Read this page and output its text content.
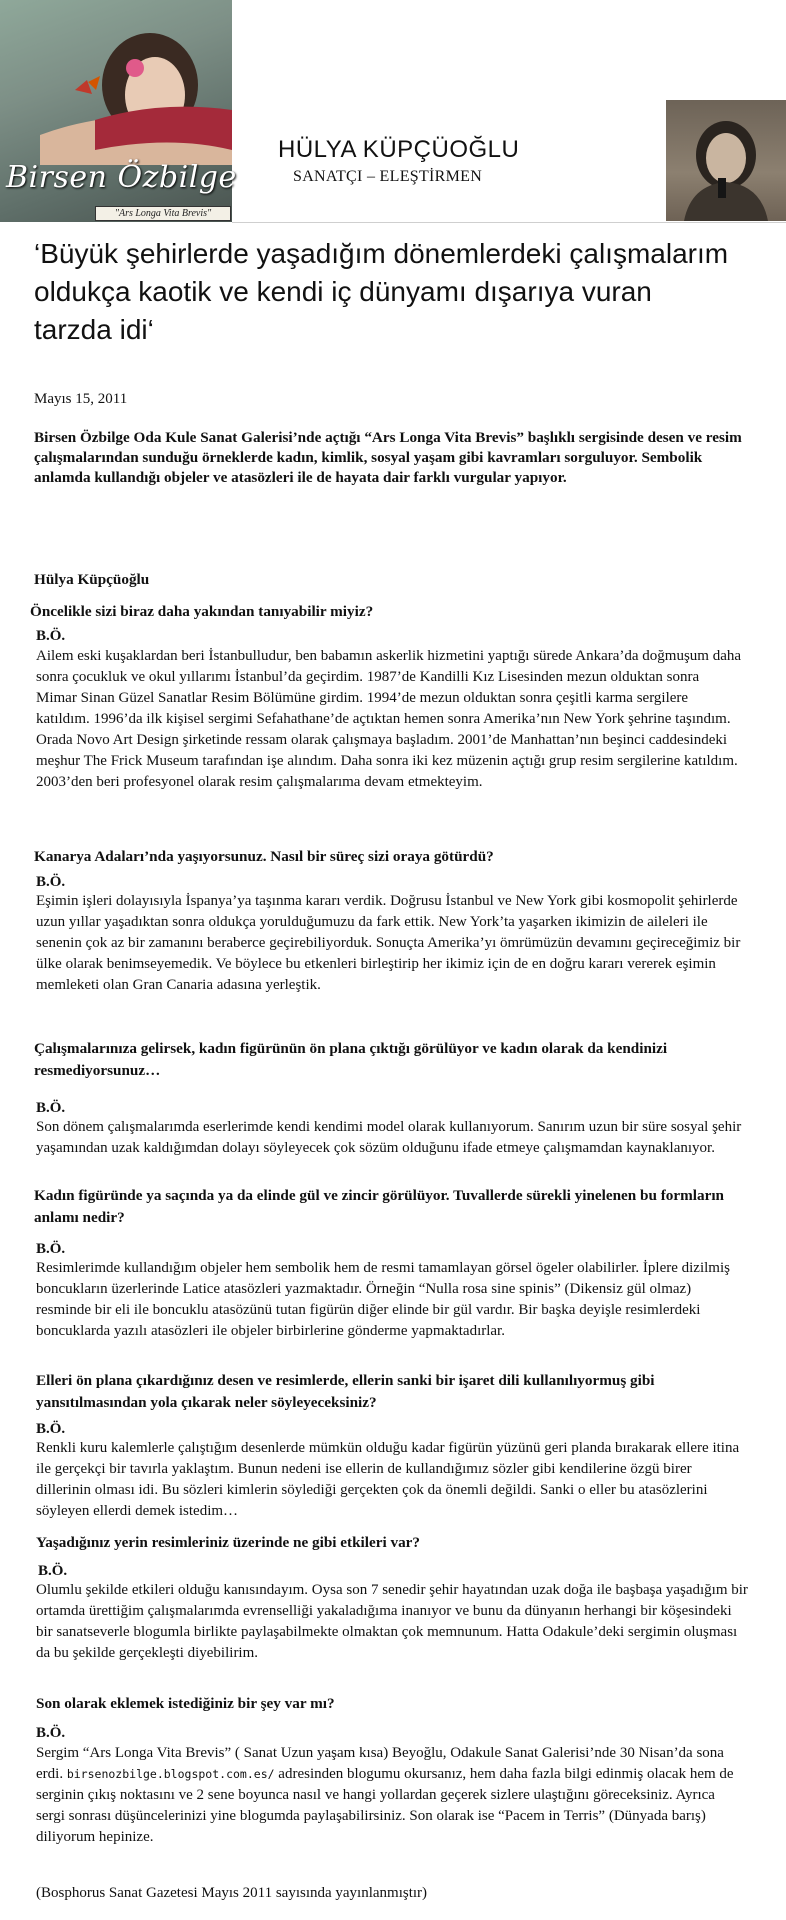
Birsen Özbilge
"Ars Longa Vita Brevis"
HÜLYA KÜPÇÜOĞLU
SANATÇI – ELEŞTİRMEN
‘Büyük şehirlerde yaşadığım dönemlerdeki çalışmalarım oldukça kaotik ve kendi iç dünyamı dışarıya vuran tarzda idi‘
Mayıs 15, 2011
Birsen Özbilge Oda Kule Sanat Galerisi’nde açtığı “Ars Longa Vita Brevis” başlıklı sergisinde desen ve resim çalışmalarından sunduğu örneklerde kadın, kimlik, sosyal yaşam gibi kavramları sorguluyor. Sembolik anlamda kullandığı objeler ve atasözleri ile de hayata dair farklı vurgular yapıyor.
Hülya Küpçüoğlu
Öncelikle sizi biraz daha yakından tanıyabilir miyiz?
B.Ö.
Ailem eski kuşaklardan beri İstanbulludur, ben babamın askerlik hizmetini yaptığı sürede Ankara’da doğmuşum daha sonra çocukluk ve okul yıllarımı İstanbul’da geçirdim. 1987’de Kandilli Kız Lisesinden mezun olduktan sonra Mimar Sinan Güzel Sanatlar Resim Bölümüne girdim. 1994’de mezun olduktan sonra çeşitli karma sergilere katıldım. 1996’da ilk kişisel sergimi Sefahathane’de açtıktan hemen sonra Amerika’nın New York şehrine taşındım. Orada Novo Art Design şirketinde ressam olarak çalışmaya başladım. 2001’de Manhattan’nın beşinci caddesindeki meşhur The Frick Museum tarafından işe alındım. Daha sonra iki kez müzenin açtığı grup resim sergilerine katıldım. 2003’den beri profesyonel olarak resim çalışmalarıma devam etmekteyim.
Kanarya Adaları’nda yaşıyorsunuz. Nasıl bir süreç sizi oraya götürdü?
B.Ö.
Eşimin işleri dolayısıyla İspanya’ya taşınma kararı verdik. Doğrusu İstanbul ve New York gibi kosmopolit şehirlerde uzun yıllar yaşadıktan sonra oldukça yorulduğumuzu da fark ettik. New York’ta yaşarken ikimizin de aileleri ile senenin çok az bir zamanını beraberce geçirebiliyorduk. Sonuçta Amerika’yı ömrümüzün devamını geçireceğimiz bir ülke olarak benimseyemedik. Ve böylece bu etkenleri birleştirip her ikimiz için de en doğru kararı vererek eşimin memleketi olan Gran Canaria adasına yerleştik.
Çalışmalarınıza gelirsek, kadın figürünün ön plana çıktığı görülüyor ve kadın olarak da kendinizi resmediyorsunuz…
B.Ö.
Son dönem çalışmalarımda eserlerimde kendi kendimi model olarak kullanıyorum. Sanırım uzun bir süre sosyal şehir yaşamından uzak kaldığımdan dolayı söyleyecek çok sözüm olduğunu ifade etmeye çalışmamdan kaynaklanıyor.
Kadın figüründe ya saçında ya da elinde gül ve zincir görülüyor. Tuvallerde sürekli yinelenen bu formların anlamı nedir?
B.Ö.
Resimlerimde kullandığım objeler hem sembolik hem de resmi tamamlayan görsel ögeler olabilirler. İplere dizilmiş boncukların üzerlerinde Latice atasözleri yazmaktadır. Örneğin “Nulla rosa sine spinis” (Dikensiz gül olmaz) resminde bir eli ile boncuklu atasözünü tutan figürün diğer elinde bir gül vardır. Bir başka deyişle resimlerdeki boncuklarda yazılı atasözleri ile objeler birbirlerine gönderme yapmaktadırlar.
Elleri ön plana çıkardığınız desen ve resimlerde, ellerin sanki bir işaret dili kullanılıyormuş gibi yansıtılmasından yola çıkarak neler söyleyeceksiniz?
B.Ö.
Renkli kuru kalemlerle çalıştığım desenlerde mümkün olduğu kadar figürün yüzünü geri planda bırakarak ellere itina ile gerçekçi bir tavırla yaklaştım. Bunun nedeni ise ellerin de kullandığımız sözler gibi kendilerine özgü birer dillerinin olması idi. Bu sözleri kimlerin söylediği gerçekten çok da önemli değildi. Sanki o eller bu atasözlerini söyleyen ellerdi demek istedim…
Yaşadığınız yerin resimleriniz üzerinde ne gibi etkileri var?
B.Ö.
Olumlu şekilde etkileri olduğu kanısındayım. Oysa son 7 senedir şehir hayatından uzak doğa ile başbaşa yaşadığım bir ortamda ürettiğim çalışmalarımda evrenselliği yakaladığıma inanıyor ve bunu da dünyanın herhangi bir köşesindeki bir sanatseverle blogumla birlikte paylaşabilmekte olmaktan çok memnunum. Hatta Odakule’deki sergimin oluşması da bu şekilde gerçekleşti diyebilirim.
Son olarak eklemek istediğiniz bir şey var mı?
B.Ö.
Sergim “Ars Longa Vita Brevis” ( Sanat Uzun yaşam kısa) Beyoğlu, Odakule Sanat Galerisi’nde 30 Nisan’da sona erdi. birsenozbilge.blogspot.com.es/ adresinden blogumu okursanız, hem daha fazla bilgi edinmiş olacak hem de serginin çıkış noktasını ve 2 sene boyunca nasıl ve hangi yollardan geçerek sizlere ulaştığını göreceksiniz. Ayrıca sergi sonrası düşüncelerinizi yine blogumda paylaşabilirsiniz. Son olarak ise “Pacem in Terris” (Dünyada barış) diliyorum hepinize.
(Bosphorus Sanat Gazetesi Mayıs 2011 sayısında yayınlanmıştır)
